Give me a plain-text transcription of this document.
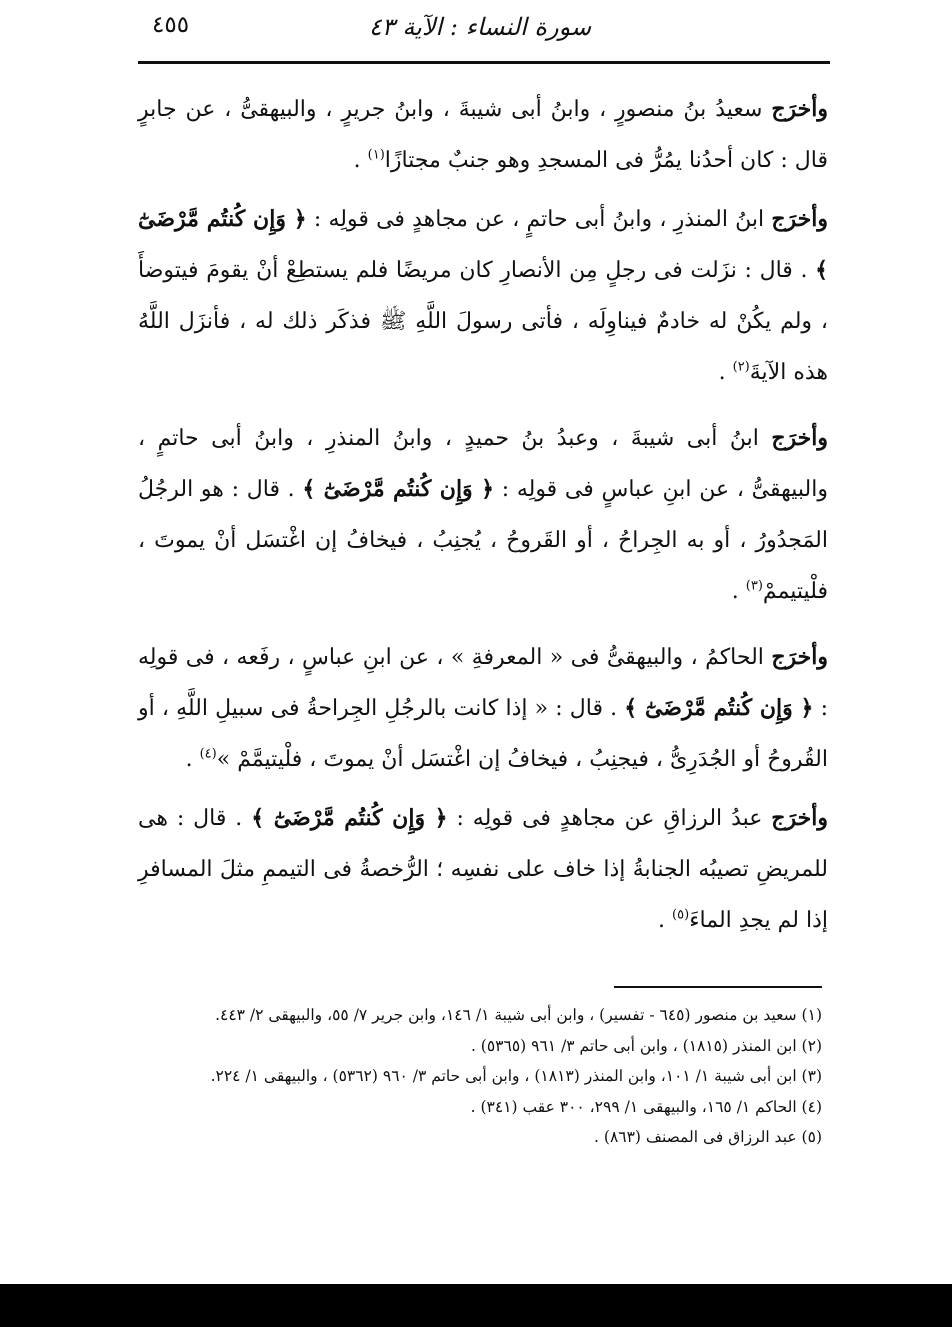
٤٥٥	سورة النساء : الآية ٤٣

وأخرَج سعيدُ بنُ منصورٍ ، وابنُ أبى شيبةَ ، وابنُ جريرٍ ، والبيهقىُّ ، عن جابرٍ قال : كان أحدُنا يمُرُّ فى المسجدِ وهو جنبٌ مجتازًا$^{(١)}$ .

وأخرَج ابنُ المنذرِ ، وابنُ أبى حاتمٍ ، عن مجاهدٍ فى قولِه : ﴿ وَإِن كُنتُم مَّرْضَىٰٓ ﴾ . قال : نزَلت فى رجلٍ مِن الأنصارِ كان مريضًا فلم يستطِعْ أنْ يقومَ فيتوضأَ ، ولم يكُنْ له خادمٌ فيناوِلَه ، فأتى رسولَ اللَّهِ ﷺ فذكَر ذلك له ، فأنزَل اللَّهُ هذه الآيةَ$^{(٢)}$ .

وأخرَج ابنُ أبى شيبةَ ، وعبدُ بنُ حميدٍ ، وابنُ المنذرِ ، وابنُ أبى حاتمٍ ، والبيهقىُّ ، عن ابنِ عباسٍ فى قولِه : ﴿ وَإِن كُنتُم مَّرْضَىٰٓ ﴾ . قال : هو الرجُلُ المَجدُورُ ، أو به الجِراحُ ، أو القَروحُ ، يُجنِبُ ، فيخافُ إن اغْتسَل أنْ يموتَ ، فلْيتيممْ$^{(٣)}$ .

وأخرَج الحاكمُ ، والبيهقىُّ فى « المعرفةِ » ، عن ابنِ عباسٍ ، رفَعه ، فى قولِه : ﴿ وَإِن كُنتُم مَّرْضَىٰٓ ﴾ . قال : « إذا كانت بالرجُلِ الجِراحةُ فى سبيلِ اللَّهِ ، أو القُروحُ أو الجُدَرِىُّ ، فيجنِبُ ، فيخافُ إن اغْتسَل أنْ يموتَ ، فلْيتيمَّمْ »$^{(٤)}$ .

وأخرَج عبدُ الرزاقِ عن مجاهدٍ فى قولِه : ﴿ وَإِن كُنتُم مَّرْضَىٰٓ ﴾ . قال : هى للمريضِ تصيبُه الجنابةُ إذا خاف على نفسِه ؛ الرُّخصةُ فى التيممِ مثلَ المسافرِ إذا لم يجدِ الماءَ$^{(٥)}$ .

(١) سعيد بن منصور (٦٤٥ - تفسير) ، وابن أبى شيبة ١/ ١٤٦، وابن جرير ٧/ ٥٥، والبيهقى ٢/ ٤٤٣.
(٢) ابن المنذر (١٨١٥) ، وابن أبى حاتم ٣/ ٩٦١ (٥٣٦٥) .
(٣) ابن أبى شيبة ١/ ١٠١، وابن المنذر (١٨١٣) ، وابن أبى حاتم ٣/ ٩٦٠ (٥٣٦٢) ، والبيهقى ١/ ٢٢٤.
(٤) الحاكم ١/ ١٦٥، والبيهقى ١/ ٢٩٩، ٣٠٠ عقب (٣٤١) .
(٥) عبد الرزاق فى المصنف (٨٦٣) .
